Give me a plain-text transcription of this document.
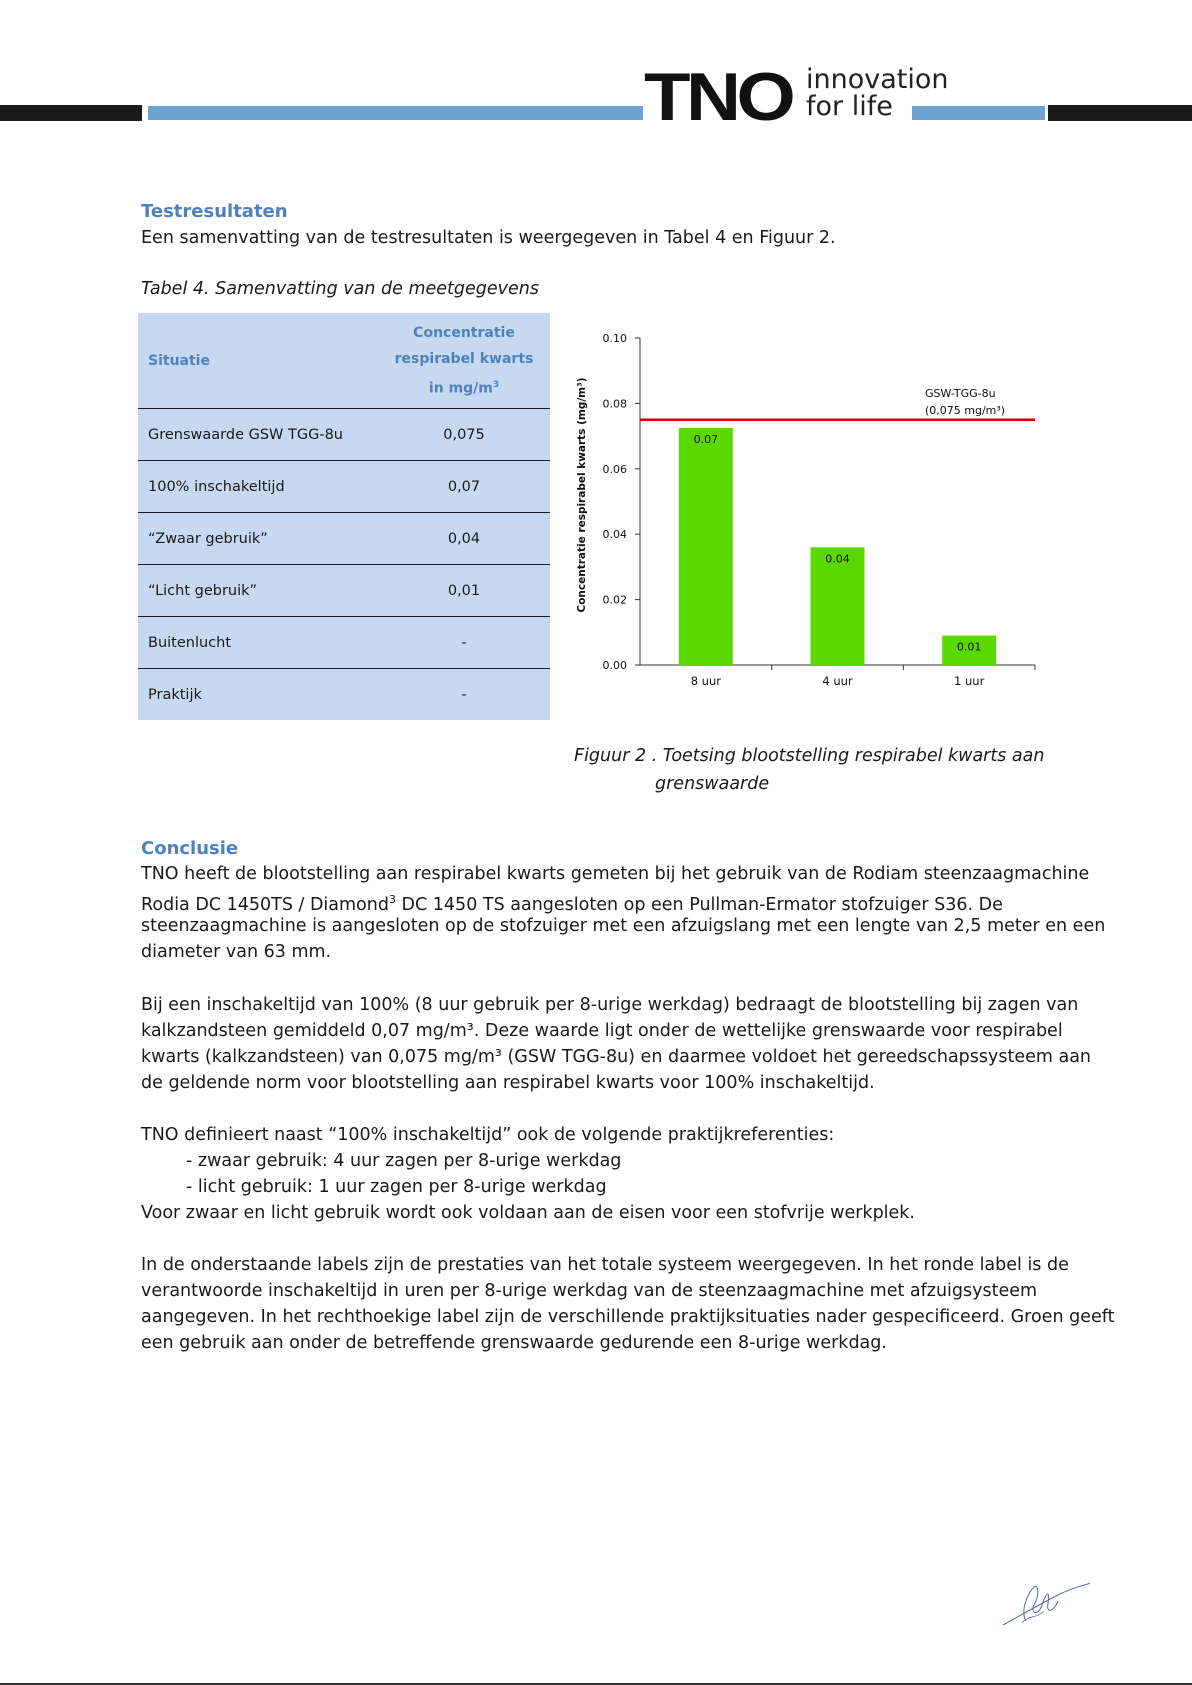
TNO innovation
for life

Testresultaten

Een samenvatting van de testresultaten is weergegeven in Tabel 4 en Figuur 2.

Tabel 4. Samenvatting van de meetgegevens

Situatie	Concentratie
respirabel kwarts
in $mg/m^3$

Grenswaarde GSW TGG-8u	0,075
100% inschakeltijd	0,07
“Zwaar gebruik”	0,04
“Licht gebruik”	0,01
Buitenlucht	-
Praktijk	-
0.00
0.02
0.04
0.06
0.08
0.10
0.07
8 uur
0.04
4 uur
0.01
1 uur
Concentratie respirabel kwarts (mg/m³)	GSW-TGG-8u
(0,075 mg/m³)

Figuur 2 . Toetsing blootstelling respirabel kwarts aan

grenswaarde

Conclusie

TNO heeft de blootstelling aan respirabel kwarts gemeten bij het gebruik van de Rodiam steenzaagmachine

Rodia DC 1450TS / Diamond$^3$ DC 1450 TS aangesloten op een Pullman-Ermator stofzuiger S36. De

steenzaagmachine is aangesloten op de stofzuiger met een afzuigslang met een lengte van 2,5 meter en een

diameter van 63 mm.

Bij een inschakeltijd van 100% (8 uur gebruik per 8-urige werkdag) bedraagt de blootstelling bij zagen van

kalkzandsteen gemiddeld 0,07 mg/m³. Deze waarde ligt onder de wettelijke grenswaarde voor respirabel

kwarts (kalkzandsteen) van 0,075 mg/m³ (GSW TGG-8u) en daarmee voldoet het gereedschapssysteem aan

de geldende norm voor blootstelling aan respirabel kwarts voor 100% inschakeltijd.

TNO definieert naast “100% inschakeltijd” ook de volgende praktijkreferenties:

- zwaar gebruik: 4 uur zagen per 8-urige werkdag

- licht gebruik: 1 uur zagen per 8-urige werkdag

Voor zwaar en licht gebruik wordt ook voldaan aan de eisen voor een stofvrije werkplek.

In de onderstaande labels zijn de prestaties van het totale systeem weergegeven. In het ronde label is de

verantwoorde inschakeltijd in uren per 8-urige werkdag van de steenzaagmachine met afzuigsysteem

aangegeven. In het rechthoekige label zijn de verschillende praktijksituaties nader gespecificeerd. Groen geeft

een gebruik aan onder de betreffende grenswaarde gedurende een 8-urige werkdag.
